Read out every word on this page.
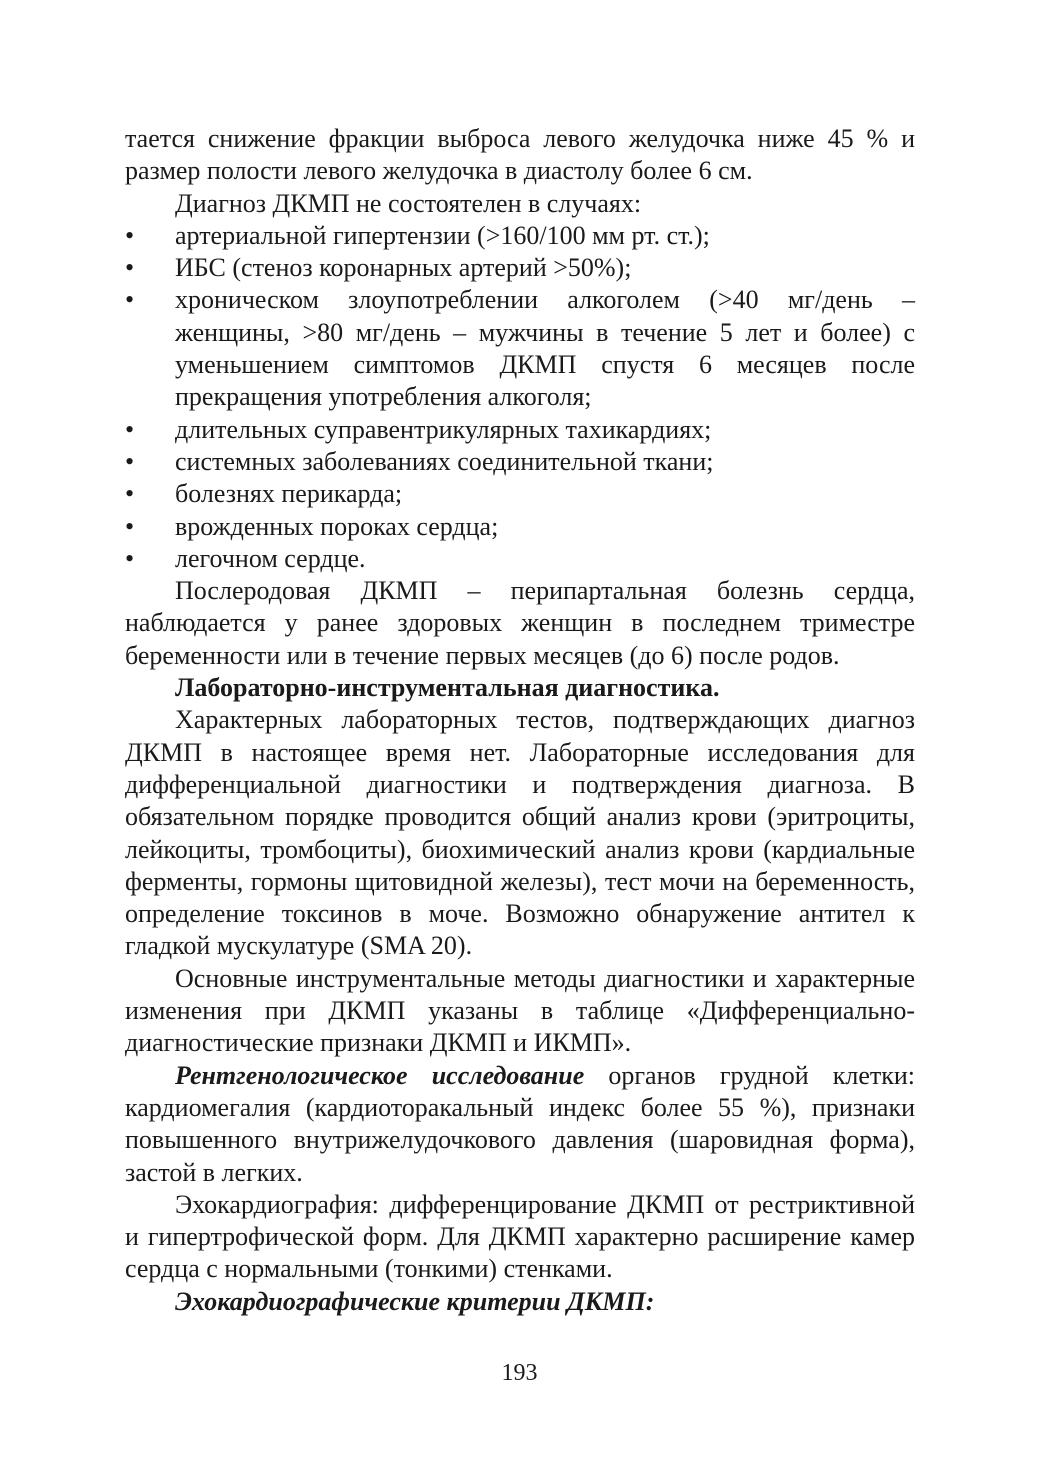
тается снижение фракции выброса левого желудочка ниже 45 % и размер полости левого желудочка в диастолу более 6 см.

Диагноз ДКМП не состоятелен в случаях:

• артериальной гипертензии (>160/100 мм рт. ст.);
• ИБС (стеноз коронарных артерий >50%);
• хроническом злоупотреблении алкоголем (>40 мг/день – женщины, >80 мг/день – мужчины в течение 5 лет и более) с уменьшением симптомов ДКМП спустя 6 месяцев после прекращения употребления алкоголя;
• длительных суправентрикулярных тахикардиях;
• системных заболеваниях соединительной ткани;
• болезнях перикарда;
• врожденных пороках сердца;
• легочном сердце.

Послеродовая ДКМП – перипартальная болезнь сердца, наблюдается у ранее здоровых женщин в последнем триместре беременности или в течение первых месяцев (до 6) после родов.

Лабораторно-инструментальная диагностика.

Характерных лабораторных тестов, подтверждающих диагноз ДКМП в настоящее время нет. Лабораторные исследования для дифференциальной диагностики и подтверждения диагноза. В обязательном порядке проводится общий анализ крови (эритроциты, лейкоциты, тромбоциты), биохимический анализ крови (кардиальные ферменты, гормоны щитовидной железы), тест мочи на беременность, определение токсинов в моче. Возможно обнаружение антител к гладкой мускулатуре (SMA 20).

Основные инструментальные методы диагностики и характерные изменения при ДКМП указаны в таблице «Дифференциально-диагностические признаки ДКМП и ИКМП».

Рентгенологическое исследование органов грудной клетки: кардиомегалия (кардиоторакальный индекс более 55 %), признаки повышенного внутрижелудочкового давления (шаровидная форма), застой в легких.

Эхокардиография: дифференцирование ДКМП от рестриктивной и гипертрофической форм. Для ДКМП характерно расширение камер сердца с нормальными (тонкими) стенками.

Эхокардиографические критерии ДКМП:

193
